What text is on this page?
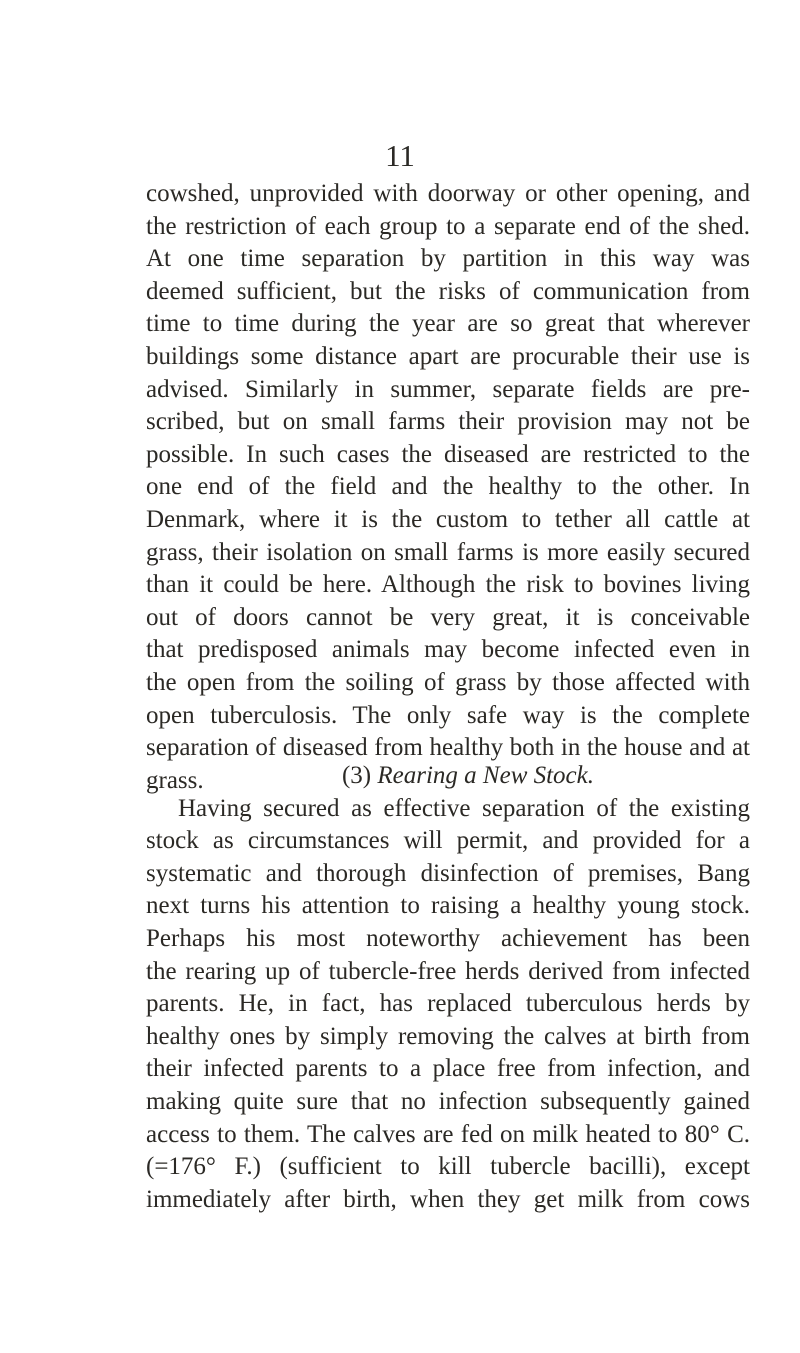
11
cowshed, unprovided with doorway or other opening, and
the restriction of each group to a separate end of the shed.
At one time separation by partition in this way was
deemed sufficient, but the risks of communication from
time to time during the year are so great that wherever
buildings some distance apart are procurable their use is
advised. Similarly in summer, separate fields are pre-
scribed, but on small farms their provision may not be
possible. In such cases the diseased are restricted to the
one end of the field and the healthy to the other. In
Denmark, where it is the custom to tether all cattle at
grass, their isolation on small farms is more easily secured
than it could be here. Although the risk to bovines living
out of doors cannot be very great, it is conceivable
that predisposed animals may become infected even in
the open from the soiling of grass by those affected with
open tuberculosis. The only safe way is the complete
separation of diseased from healthy both in the house and at
grass.	(3) Rearing a New Stock.
Having secured as effective separation of the existing
stock as circumstances will permit, and provided for a
systematic and thorough disinfection of premises, Bang
next turns his attention to raising a healthy young stock.
Perhaps his most noteworthy achievement has been
the rearing up of tubercle-free herds derived from infected
parents. He, in fact, has replaced tuberculous herds by
healthy ones by simply removing the calves at birth from
their infected parents to a place free from infection, and
making quite sure that no infection subsequently gained
access to them. The calves are fed on milk heated to 80° C.
(=176° F.) (sufficient to kill tubercle bacilli), except
immediately after birth, when they get milk from cows
